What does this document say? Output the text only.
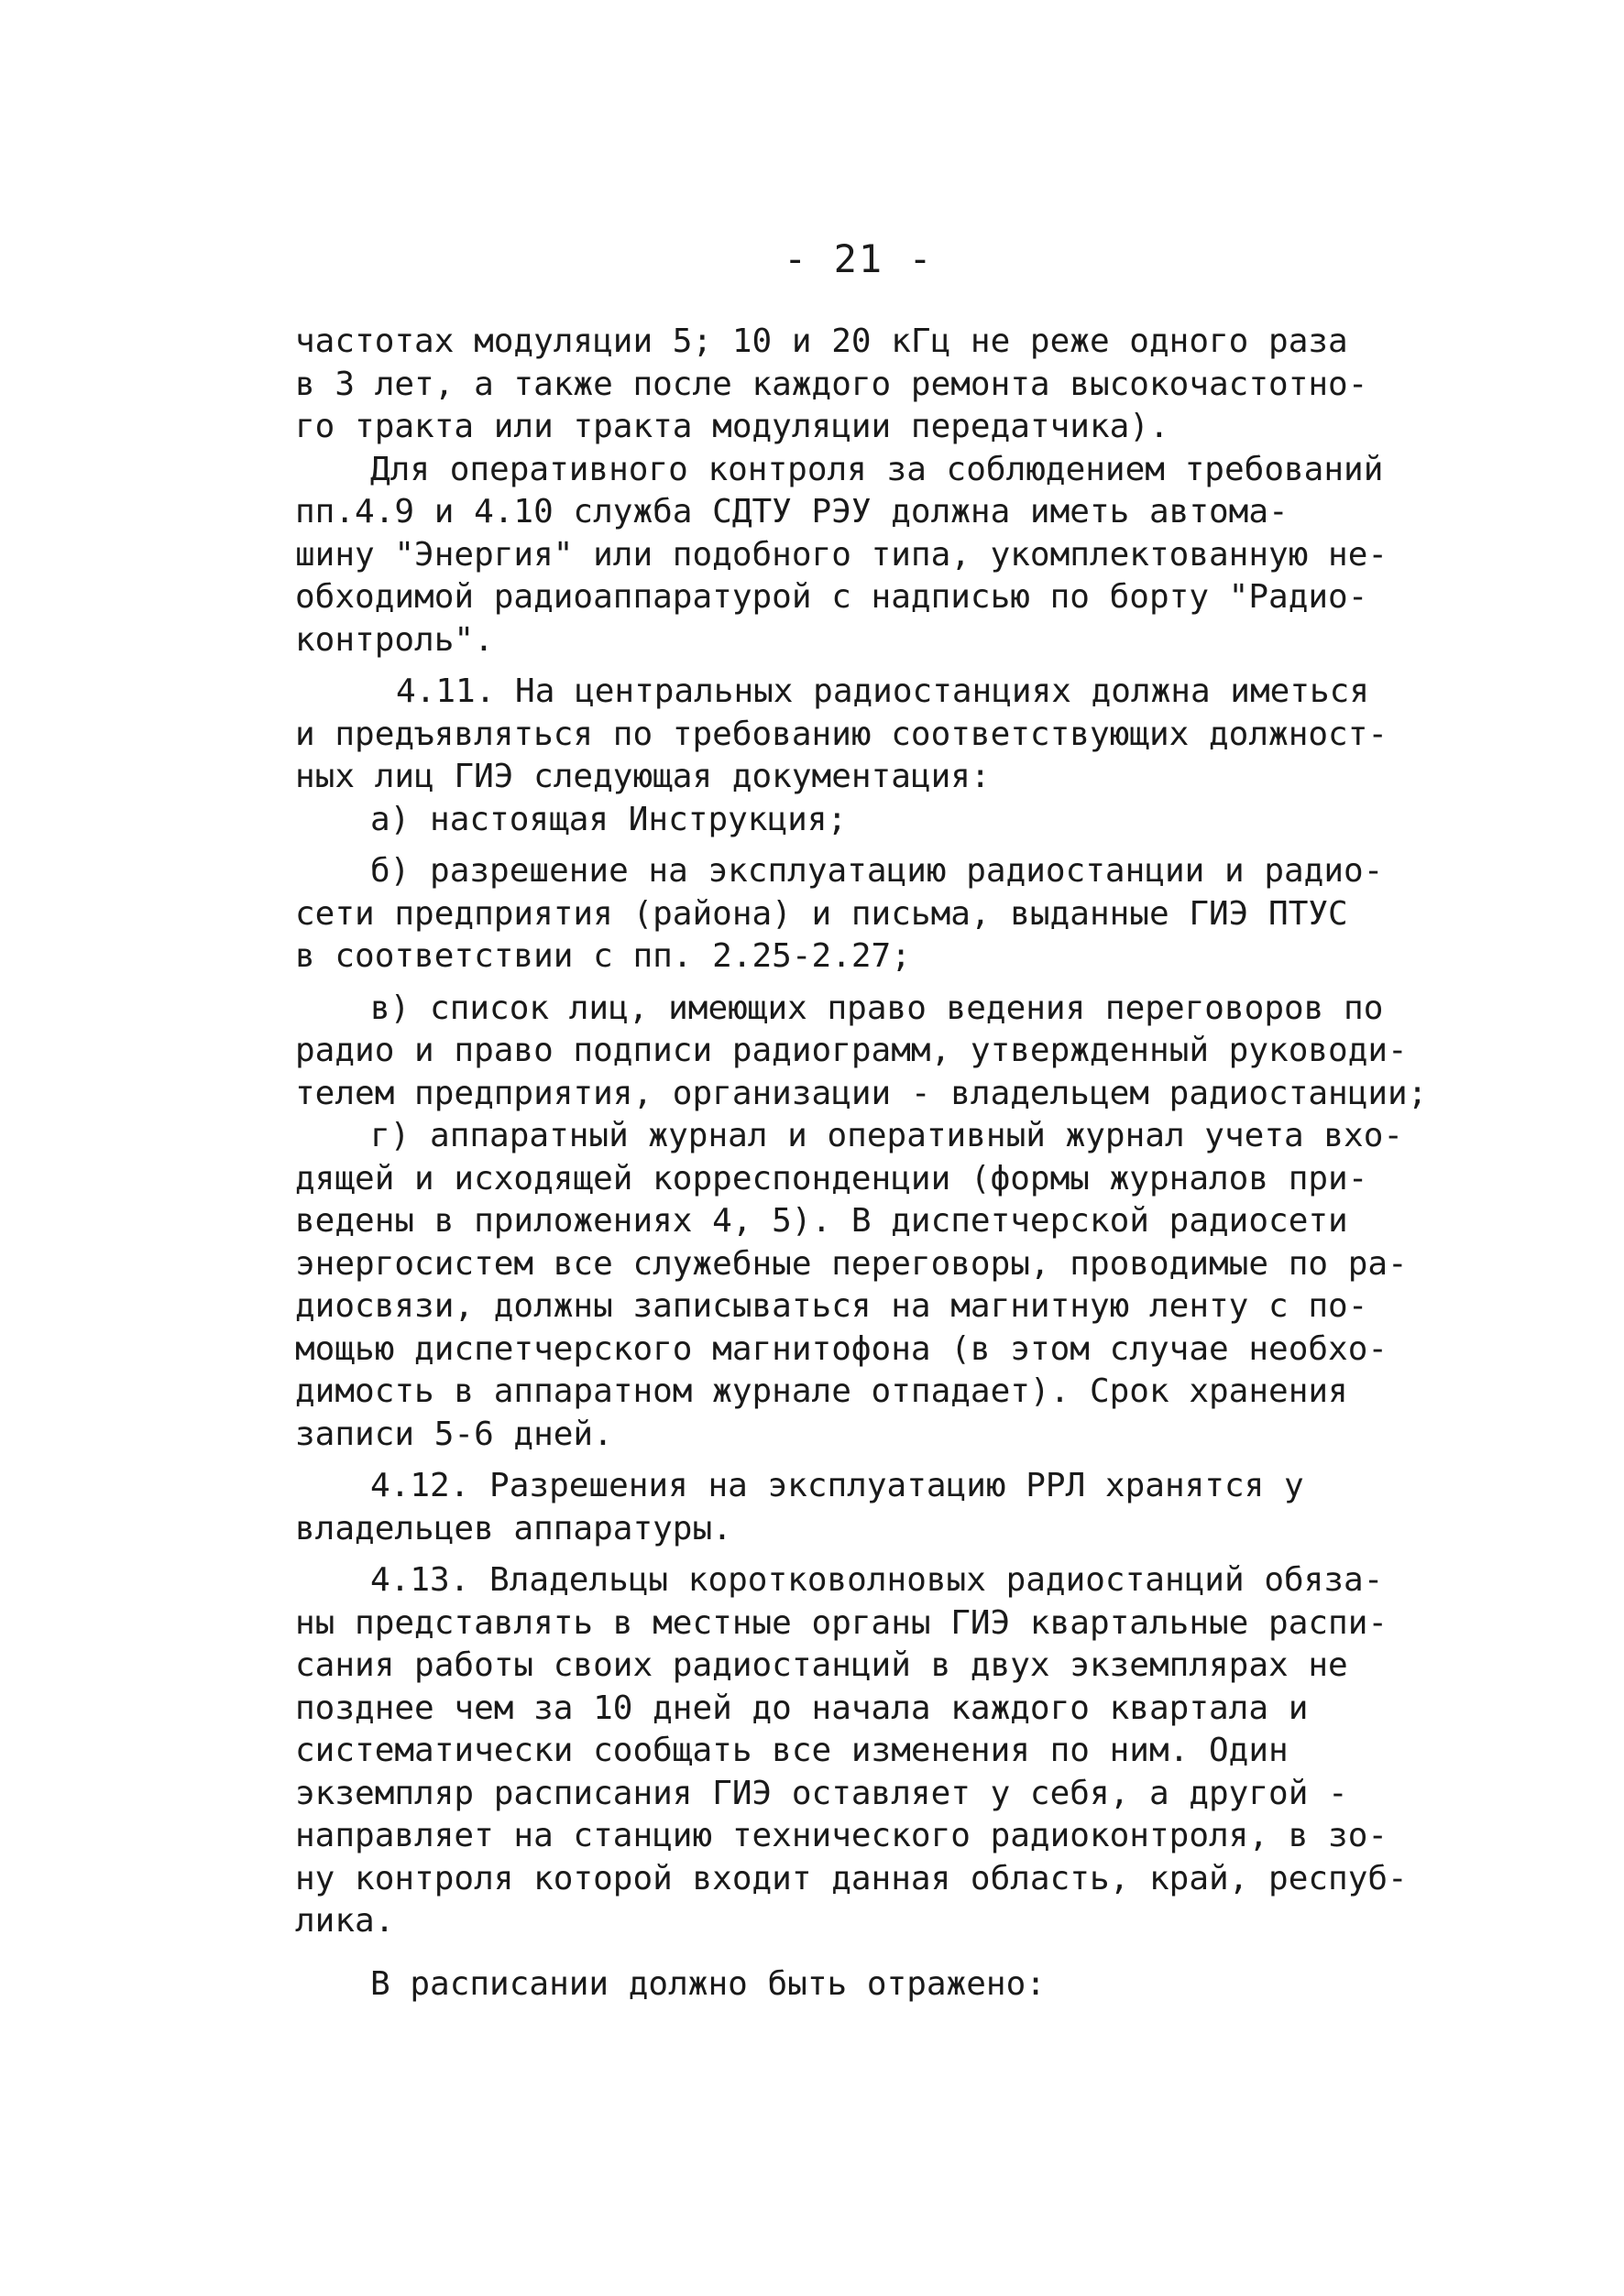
- 21 -
частотах модуляции 5; 10 и 20 кГц не реже одного раза
в 3 лет, а также после каждого ремонта высокочастотно-
го тракта или тракта модуляции передатчика).
Для оперативного контроля за соблюдением требований
пп.4.9 и 4.10 служба СДТУ РЭУ должна иметь автома-
шину "Энергия" или подобного типа, укомплектованную не-
обходимой радиоаппаратурой с надписью по борту "Радио-
контроль".
4.11. На центральных радиостанциях должна иметься
и предъявляться по требованию соответствующих должност-
ных лиц ГИЭ следующая документация:
а) настоящая Инструкция;
б) разрешение на эксплуатацию радиостанции и радио-
сети предприятия (района) и письма, выданные ГИЭ ПТУС
в соответствии с пп. 2.25-2.27;
в) список лиц, имеющих право ведения переговоров по
радио и право подписи радиограмм, утвержденный руководи-
телем предприятия, организации - владельцем радиостанции;
г) аппаратный журнал и оперативный журнал учета вхо-
дящей и исходящей корреспонденции (формы журналов при-
ведены в приложениях 4, 5). В диспетчерской радиосети
энергосистем все служебные переговоры, проводимые по ра-
диосвязи, должны записываться на магнитную ленту с по-
мощью диспетчерского магнитофона (в этом случае необхо-
димость в аппаратном журнале отпадает). Срок хранения
записи 5-6 дней.
4.12. Разрешения на эксплуатацию РРЛ хранятся у
владельцев аппаратуры.
4.13. Владельцы коротковолновых радиостанций обяза-
ны представлять в местные органы ГИЭ квартальные распи-
сания работы своих радиостанций в двух экземплярах не
позднее чем за 10 дней до начала каждого квартала и
систематически сообщать все изменения по ним. Один
экземпляр расписания ГИЭ оставляет у себя, а другой -
направляет на станцию технического радиоконтроля, в зо-
ну контроля которой входит данная область, край, респуб-
лика.
В расписании должно быть отражено:
